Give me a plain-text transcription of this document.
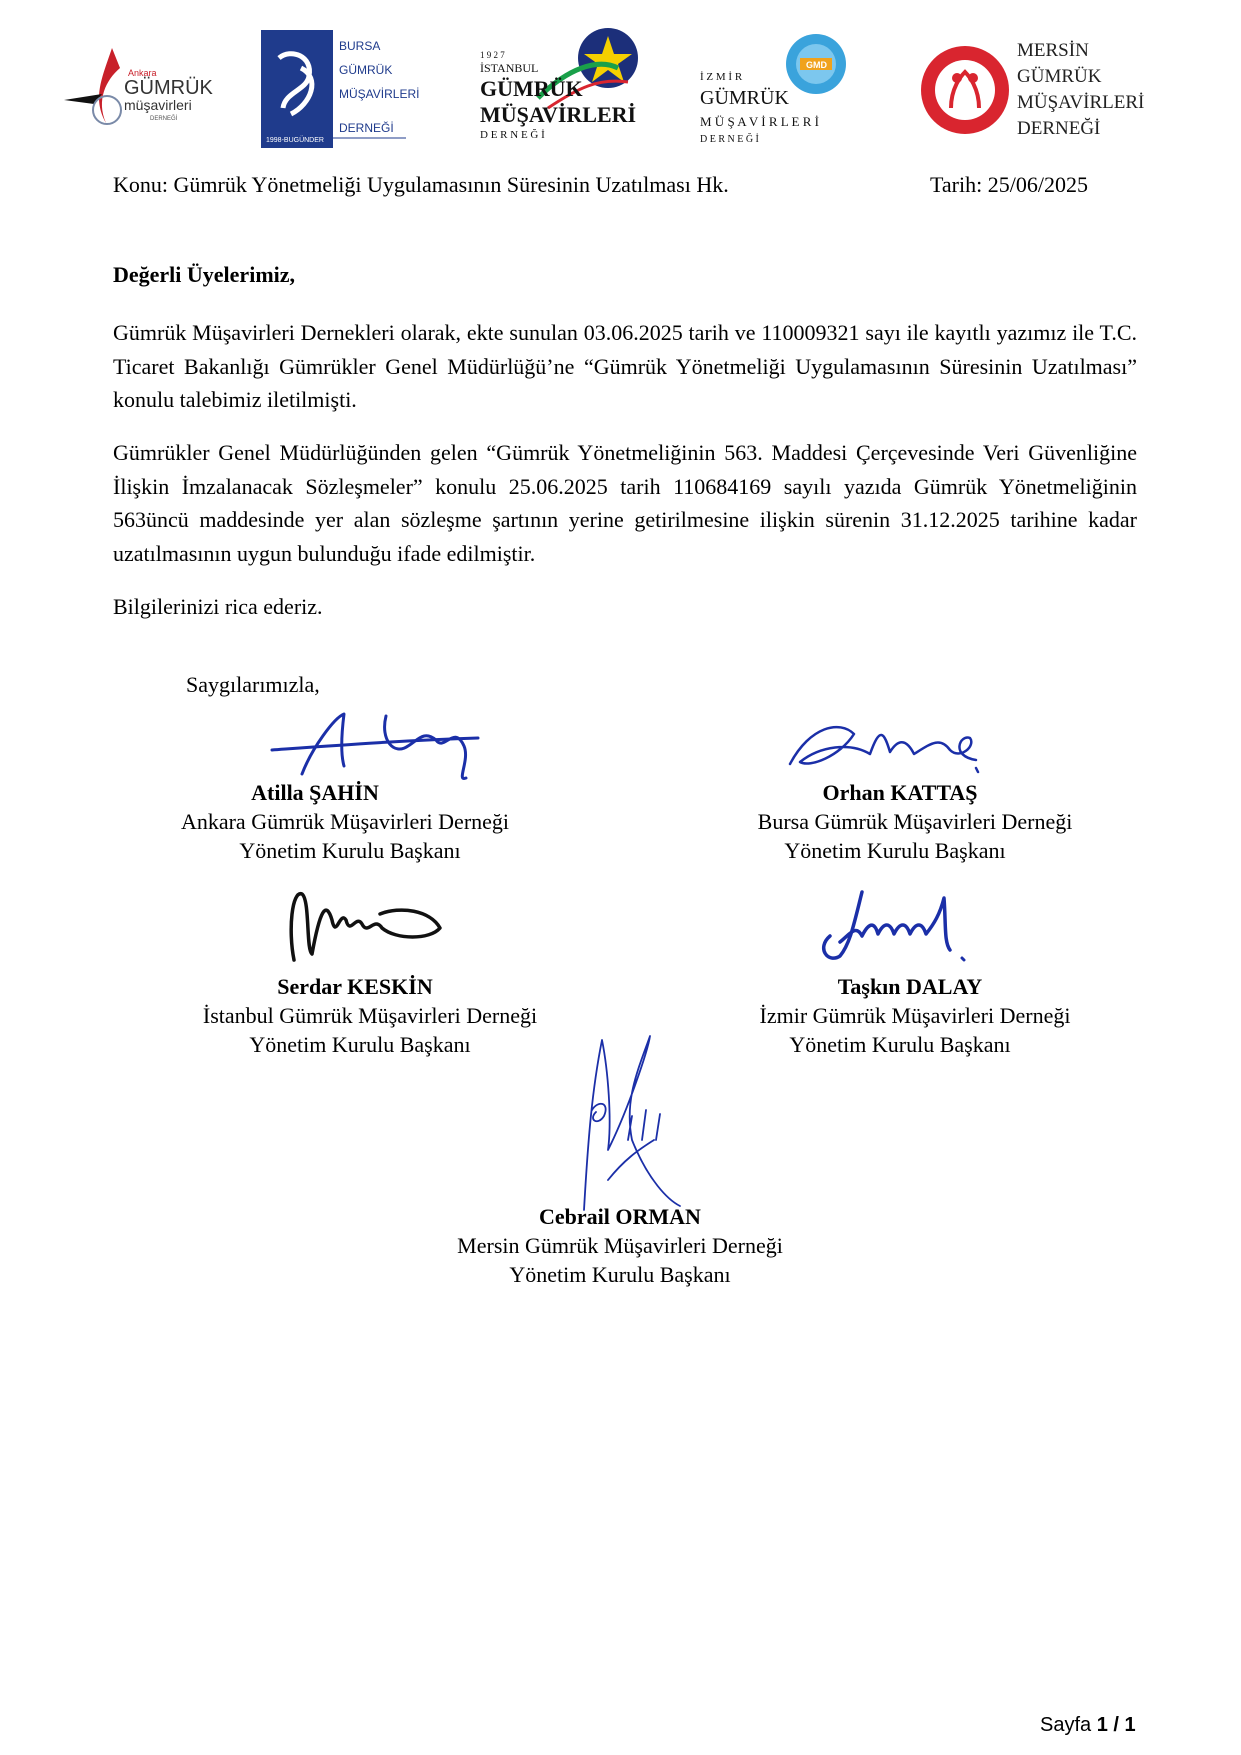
Ankara
GÜMRÜK
müşavirleri
DERNEĞİ
1998-BUGÜNDER
BURSA
GÜMRÜK
MÜŞAVİRLERİ
DERNEĞİ
1 9 2 7
İSTANBUL
GÜMRÜK
MÜŞAVİRLERİ
D E R N E Ğ İ
GMD
İ Z M İ R
GÜMRÜK
M Ü Ş A V İ R L E R İ
D E R N E Ğ İ
MERSİN
GÜMRÜK
MÜŞAVİRLERİ
DERNEĞİ
Konu: Gümrük Yönetmeliği Uygulamasının Süresinin Uzatılması Hk.	Tarih: 25/06/2025
Değerli Üyelerimiz,

Gümrük Müşavirleri Dernekleri olarak, ekte sunulan 03.06.2025 tarih ve 110009321 sayı ile kayıtlı yazımız ile T.C. Ticaret Bakanlığı Gümrükler Genel Müdürlüğü’ne “Gümrük Yönetmeliği Uygulamasının Süresinin Uzatılması” konulu talebimiz iletilmişti.

Gümrükler Genel Müdürlüğünden gelen “Gümrük Yönetmeliğinin 563. Maddesi Çerçevesinde Veri Güvenliğine İlişkin İmzalanacak Sözleşmeler” konulu 25.06.2025 tarih 110684169 sayılı yazıda Gümrük Yönetmeliğinin 563üncü maddesinde yer alan sözleşme şartının yerine getirilmesine ilişkin sürenin 31.12.2025 tarihine kadar uzatılmasının uygun bulunduğu ifade edilmiştir.

Bilgilerinizi rica ederiz.

Saygılarımızla,
Atilla ŞAHİN
Ankara Gümrük Müşavirleri Derneği
Yönetim Kurulu Başkanı
Orhan KATTAŞ
Bursa Gümrük Müşavirleri Derneği
Yönetim Kurulu Başkanı
Serdar KESKİN
İstanbul Gümrük Müşavirleri Derneği
Yönetim Kurulu Başkanı
Taşkın DALAY
İzmir Gümrük Müşavirleri Derneği
Yönetim Kurulu Başkanı
Cebrail ORMAN
Mersin Gümrük Müşavirleri Derneği
Yönetim Kurulu Başkanı
Sayfa 1 / 1
